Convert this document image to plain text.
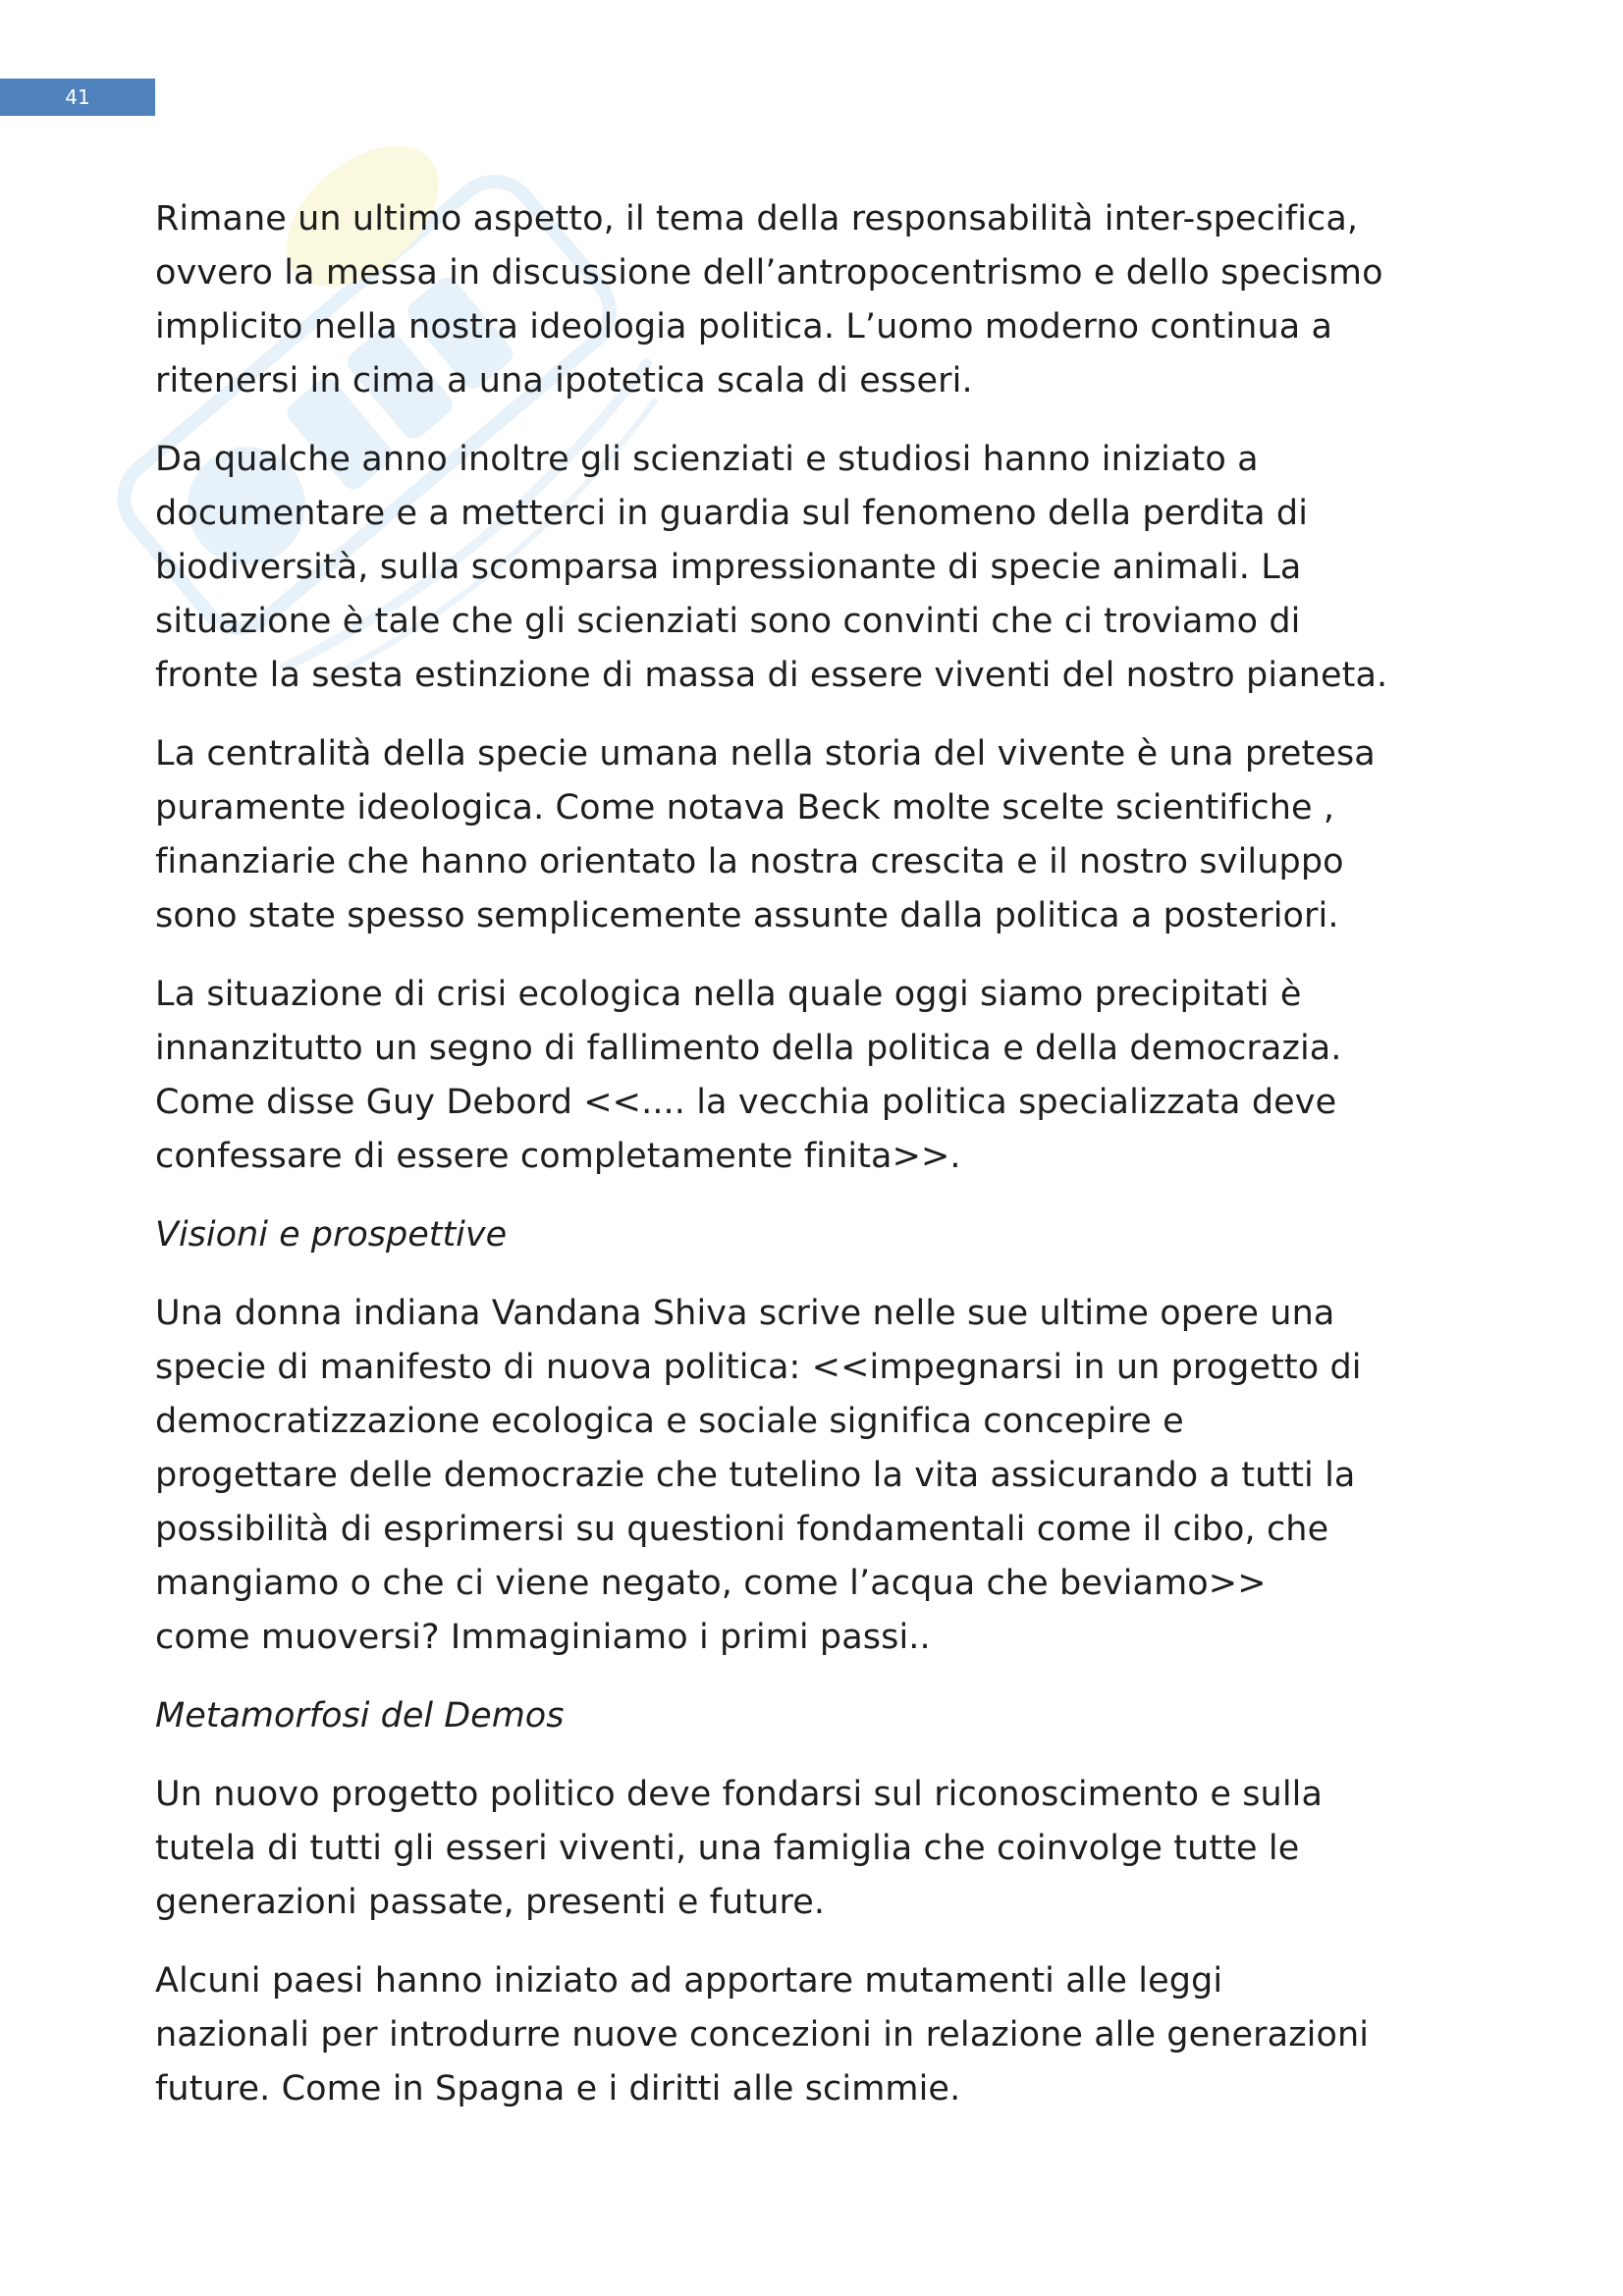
41

Rimane un ultimo aspetto, il tema della responsabilità inter-specifica,
ovvero la messa in discussione dell’antropocentrismo e dello specismo
implicito nella nostra ideologia politica. L’uomo moderno continua a
ritenersi in cima a una ipotetica scala di esseri.

Da qualche anno inoltre gli scienziati e studiosi hanno iniziato a
documentare e a metterci in guardia sul fenomeno della perdita di
biodiversità, sulla scomparsa impressionante di specie animali. La
situazione è tale che gli scienziati sono convinti che ci troviamo di
fronte la sesta estinzione di massa di essere viventi del nostro pianeta.

La centralità della specie umana nella storia del vivente è una pretesa
puramente ideologica. Come notava Beck molte scelte scientifiche ,
finanziarie che hanno orientato la nostra crescita e il nostro sviluppo
sono state spesso semplicemente assunte dalla politica a posteriori.

La situazione di crisi ecologica nella quale oggi siamo precipitati è
innanzitutto un segno di fallimento della politica e della democrazia.
Come disse Guy Debord <<.... la vecchia politica specializzata deve
confessare di essere completamente finita>>.

Visioni e prospettive

Una donna indiana Vandana Shiva scrive nelle sue ultime opere una
specie di manifesto di nuova politica: <<impegnarsi in un progetto di
democratizzazione ecologica e sociale significa concepire e
progettare delle democrazie che tutelino la vita assicurando a tutti la
possibilità di esprimersi su questioni fondamentali come il cibo, che
mangiamo o che ci viene negato, come l’acqua che beviamo>>
come muoversi? Immaginiamo i primi passi..

Metamorfosi del Demos

Un nuovo progetto politico deve fondarsi sul riconoscimento e sulla
tutela di tutti gli esseri viventi, una famiglia che coinvolge tutte le
generazioni passate, presenti e future.

Alcuni paesi hanno iniziato ad apportare mutamenti alle leggi
nazionali per introdurre nuove concezioni in relazione alle generazioni
future. Come in Spagna e i diritti alle scimmie.
